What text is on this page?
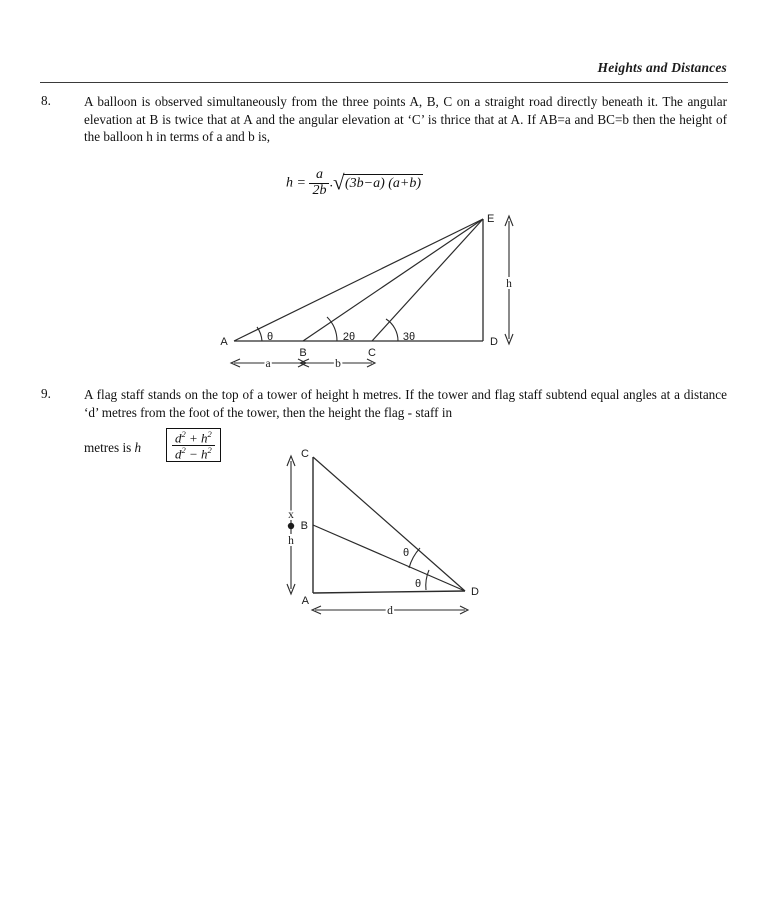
Heights and Distances
8.	A balloon is observed simultaneously from the three points A, B, C on a straight road directly beneath it. The angular elevation at B is twice that at A and the angular elevation at ‘C’ is thrice that at A. If AB=a and BC=b then the height of the balloon h in terms of a and b is,
$h = \frac{a}{2b}$ . √ (3b−a) (a+b)
A
B	C
D
E
θ	2θ	3θ
h
a	b
9.	A flag staff stands on the top of a tower of height h metres. If the tower and flag staff subtend equal angles at a distance ‘d’ metres from the foot of the tower, then the height the flag - staff in
metres is h $\frac{d^2 + h^2}{d^2 - h^2}$
A
B
C
D
θ
θ
x
h
d
